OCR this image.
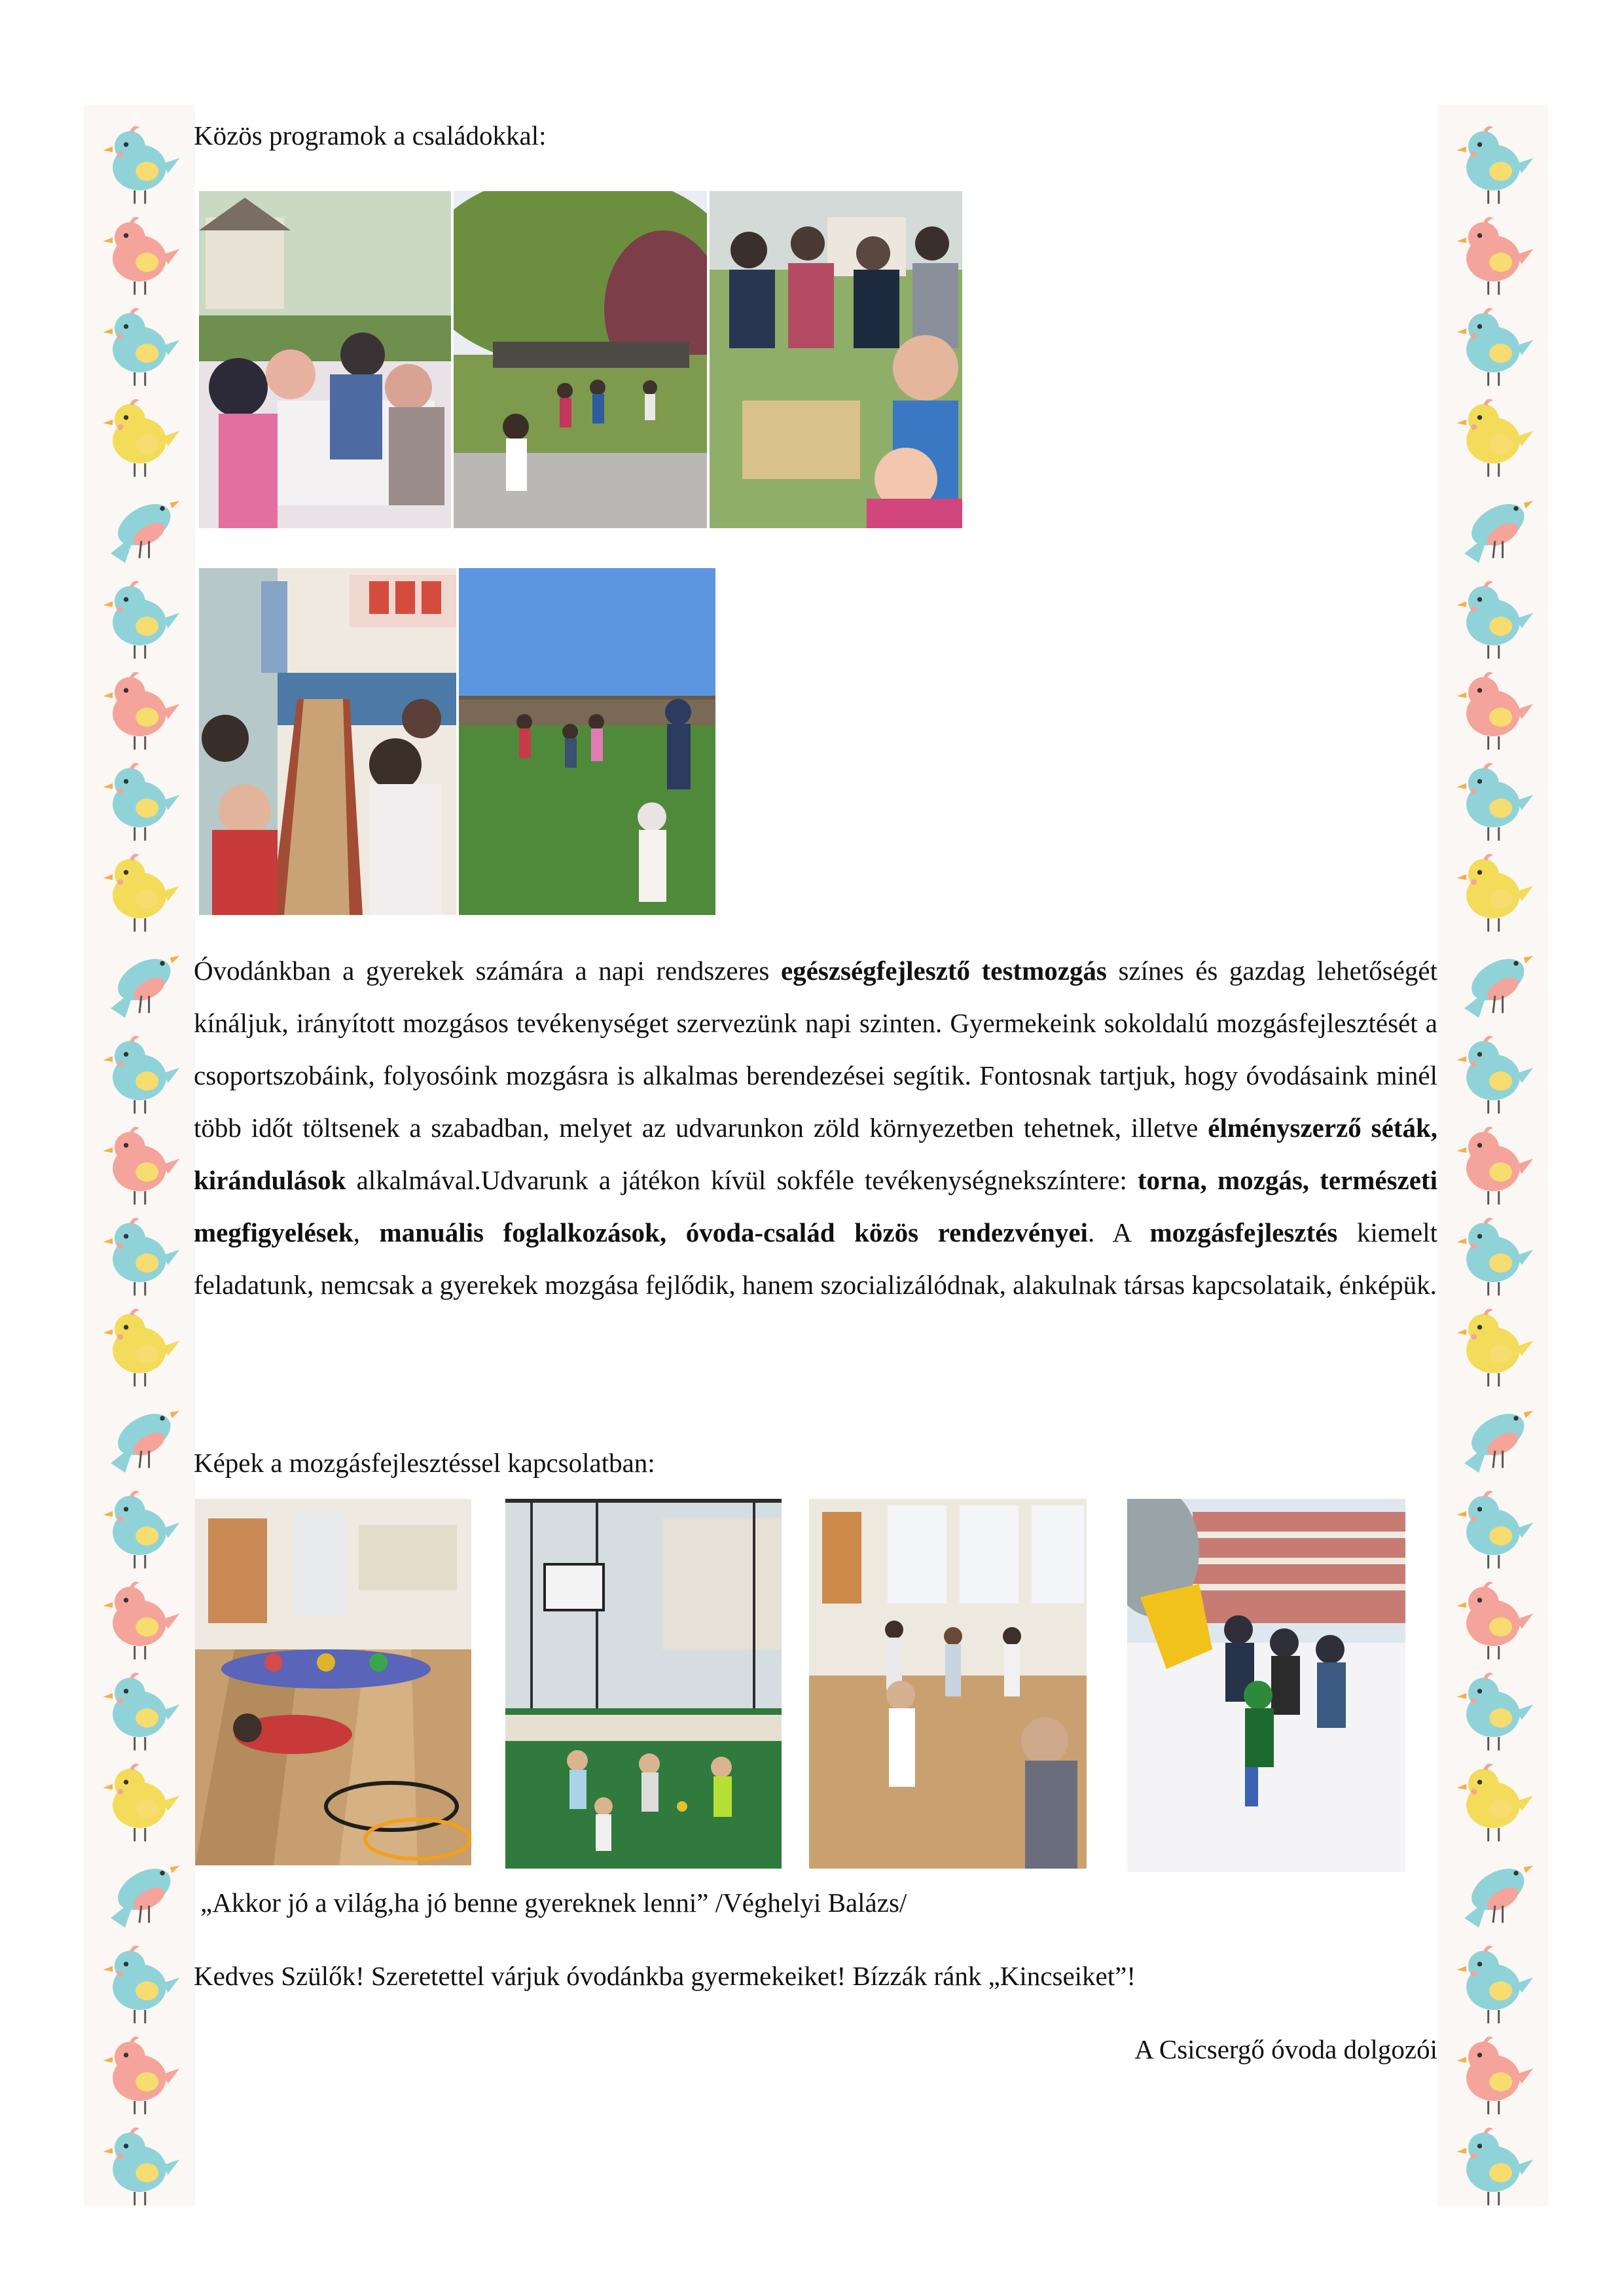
Közös programok a családokkal:
Óvodánkban a gyerekek számára a napi rendszeres egészségfejlesztő testmozgás színes és gazdag lehetőségét kínáljuk, irányított mozgásos tevékenységet szervezünk napi szinten. Gyermekeink sokoldalú mozgásfejlesztését a csoportszobáink, folyosóink mozgásra is alkalmas berendezései segítik. Fontosnak tartjuk, hogy óvodásaink minél több időt töltsenek a szabadban, melyet az udvarunkon zöld környezetben tehetnek, illetve élményszerző séták, kirándulások alkalmával.Udvarunk a játékon kívül sokféle tevékenységnekszíntere: torna, mozgás, természeti megfigyelések, manuális foglalkozások, óvoda-család közös rendezvényei. A mozgásfejlesztés kiemelt feladatunk, nemcsak a gyerekek mozgása fejlődik, hanem szocializálódnak, alakulnak társas kapcsolataik, énképük.
Képek a mozgásfejlesztéssel kapcsolatban:
„Akkor jó a világ,ha jó benne gyereknek lenni” /Véghelyi Balázs/
Kedves Szülők! Szeretettel várjuk óvodánkba gyermekeiket! Bízzák ránk „Kincseiket”!
A Csicsergő óvoda dolgozói
